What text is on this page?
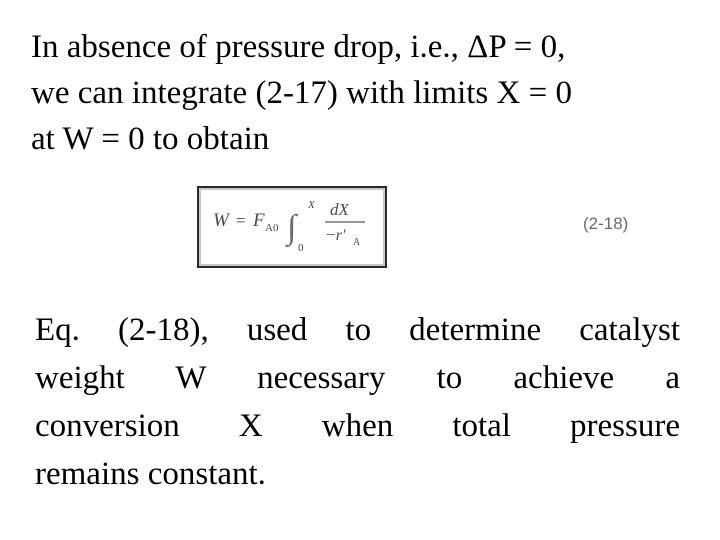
In absence of pressure drop, i.e., ΔP = 0,
we can integrate (2-17) with limits X = 0
at W = 0 to obtain
W = F A0 ∫
X
0
dX
−r′ A
(2-18)
Eq. (2-18), used to determine catalyst
weight W necessary to achieve a
conversion X when total pressure
remains constant.
